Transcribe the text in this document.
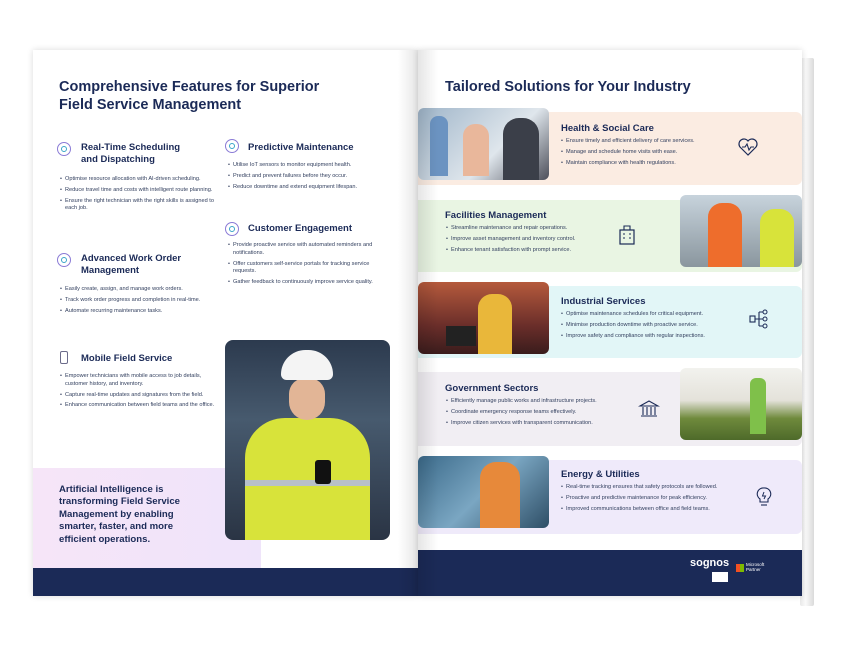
Comprehensive Features for Superior
Field Service Management
Real-Time Scheduling
and Dispatching
• Optimise resource allocation with AI-driven scheduling.
• Reduce travel time and costs with intelligent route planning.
• Ensure the right technician with the right skills is assigned to each job.
Advanced Work Order
Management
• Easily create, assign, and manage work orders.
• Track work order progress and completion in real-time.
• Automate recurring maintenance tasks.
Mobile Field Service
• Empower technicians with mobile access to job details, customer history, and inventory.
• Capture real-time updates and signatures from the field.
• Enhance communication between field teams and the office.
Predictive Maintenance
• Utilise IoT sensors to monitor equipment health.
• Predict and prevent failures before they occur.
• Reduce downtime and extend equipment lifespan.
Customer Engagement
• Provide proactive service with automated reminders and notifications.
• Offer customers self-service portals for tracking service requests.
• Gather feedback to continuously improve service quality.
Artificial Intelligence is transforming Field Service Management by enabling smarter, faster, and more efficient operations.
Tailored Solutions for Your Industry
Health & Social Care
• Ensure timely and efficient delivery of care services.
• Manage and schedule home visits with ease.
• Maintain compliance with health regulations.
Facilities Management
• Streamline maintenance and repair operations.
• Improve asset management and inventory control.
• Enhance tenant satisfaction with prompt service.
Industrial Services
• Optimise maintenance schedules for critical equipment.
• Minimise production downtime with proactive service.
• Improve safety and compliance with regular inspections.
Government Sectors
• Efficiently manage public works and infrastructure projects.
• Coordinate emergency response teams effectively.
• Improve citizen services with transparent communication.
Energy & Utilities
• Real-time tracking ensures that safety protocols are followed.
• Proactive and predictive maintenance for peak efficiency.
• Improved communications between office and field teams.
sognos	Microsoft
Partner
